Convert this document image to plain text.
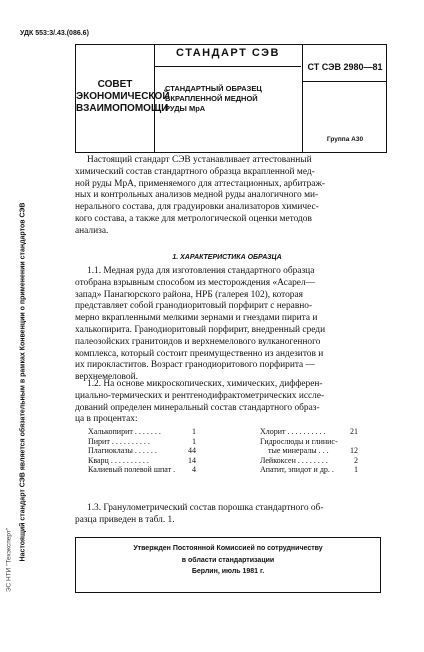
УДК 553:3/.43.(086.6)
СОВЕТ
ЭКОНОМИЧЕСКОЙ
ВЗАИМОПОМОЩИ
СТАНДАРТ СЭВ
СТАНДАРТНЫЙ ОБРАЗЕЦ
ВКРАПЛЕННОЙ МЕДНОЙ
РУДЫ МрА
СТ СЭВ 2980—81
Группа А30
Настоящий стандарт СЭВ является обязательным в рамках Конвенции о применении стандартов СЭВ
ЭС НТИ "Техэксперт"
Настоящий стандарт СЭВ устанавливает аттестованный
химический состав стандартного образца вкрапленной мед-
ной руды МрА, применяемого для аттестационных, арбитраж-
ных и контрольных анализов медной руды аналогичного ми-
нерального состава, для градуировки анализаторов химичес-
кого состава, а также для метрологической оценки методов
анализа.
1. ХАРАКТЕРИСТИКА ОБРАЗЦА
1.1. Медная руда для изготовления стандартного образца
отобрана взрывным способом из месторождения «Асарел—
запад» Панагюрского района, НРБ (галерея 102), которая
представляет собой гранодиоритовый порфирит с неравно-
мерно вкрапленными мелкими зернами и гнездами пирита и
халькопирита. Гранодиоритовый порфирит, внедренный среди
палеозойских гранитоидов и верхнемелового вулканогенного
комплекса, который состоит преимущественно из андезитов и
их пирокластитов. Возраст гранодиоритового порфирита —
верхнемеловой.
1.2. На основе микроскопических, химических, дифферен-
циально-термических и рентгенодифрактометрических иссле-
дований определен минеральный состав стандартного образ-
ца в процентах:
Халькопирит . . . . . . .	1
Пирит . . . . . . . . . .	1
Плагиоклазы . . . . . .	44
Кварц . . . . . . . . . .	14
Калиевый полевой шпат . 4
Хлорит . . . . . . . . . .	21
Гидрослюды и глинис-
тые минералы . . .	12
Лейкоксен . . . . . . . .	2
Апатит, эпидот и др. .	1
1.3. Гранулометрический состав порошка стандартного об-
разца приведен в табл. 1.
Утвержден Постоянной Комиссией по сотрудничеству
в области стандартизации
Берлин, июль 1981 г.
